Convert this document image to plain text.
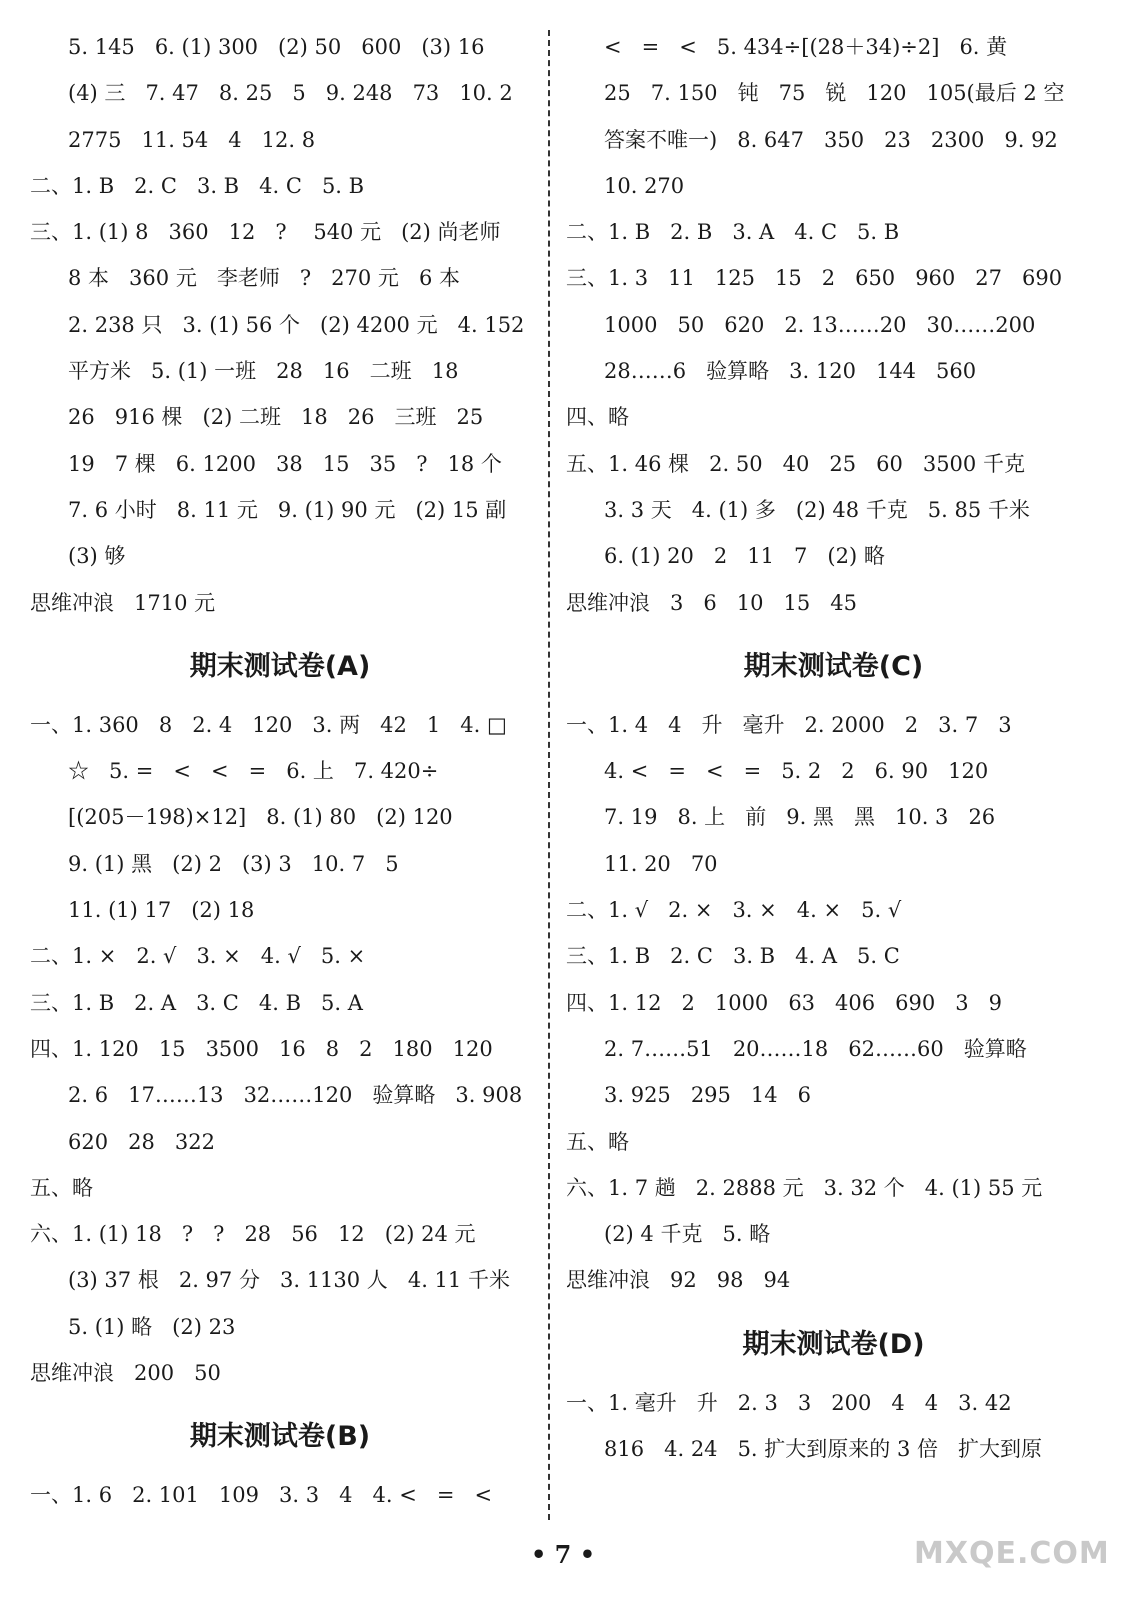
5. 145   6. (1) 300   (2) 50   600   (3) 16
(4) 三   7. 47   8. 25   5   9. 248   73   10. 2
2775   11. 54   4   12. 8
二、1. B   2. C   3. B   4. C   5. B
三、1. (1) 8   360   12   ?    540 元   (2) 尚老师
8 本   360 元   李老师   ?   270 元   6 本
2. 238 只   3. (1) 56 个   (2) 4200 元   4. 152
平方米   5. (1) 一班   28   16   二班   18
26   916 棵   (2) 二班   18   26   三班   25
19   7 棵   6. 1200   38   15   35   ?   18 个
7. 6 小时   8. 11 元   9. (1) 90 元   (2) 15 副
(3) 够
思维冲浪   1710 元
期末测试卷(A)
一、1. 360   8   2. 4   120   3. 两   42   1   4. □
☆   5. =   <   <   =   6. 上   7. 420÷
[(205－198)×12]   8. (1) 80   (2) 120
9. (1) 黑   (2) 2   (3) 3   10. 7   5
11. (1) 17   (2) 18
二、1. ×   2. √   3. ×   4. √   5. ×
三、1. B   2. A   3. C   4. B   5. A
四、1. 120   15   3500   16   8   2   180   120
2. 6   17……13   32……120   验算略   3. 908
620   28   322
五、略
六、1. (1) 18   ?   ?   28   56   12   (2) 24 元
(3) 37 根   2. 97 分   3. 1130 人   4. 11 千米
5. (1) 略   (2) 23
思维冲浪   200   50
期末测试卷(B)
一、1. 6   2. 101   109   3. 3   4   4. <   =   <
<   =   <   5. 434÷[(28＋34)÷2]   6. 黄
25   7. 150   钝   75   锐   120   105(最后 2 空
答案不唯一)   8. 647   350   23   2300   9. 92
10. 270
二、1. B   2. B   3. A   4. C   5. B
三、1. 3   11   125   15   2   650   960   27   690
1000   50   620   2. 13……20   30……200
28……6   验算略   3. 120   144   560
四、略
五、1. 46 棵   2. 50   40   25   60   3500 千克
3. 3 天   4. (1) 多   (2) 48 千克   5. 85 千米
6. (1) 20   2   11   7   (2) 略
思维冲浪   3   6   10   15   45
期末测试卷(C)
一、1. 4   4   升   毫升   2. 2000   2   3. 7   3
4. <   =   <   =   5. 2   2   6. 90   120
7. 19   8. 上   前   9. 黑   黑   10. 3   26
11. 20   70
二、1. √   2. ×   3. ×   4. ×   5. √
三、1. B   2. C   3. B   4. A   5. C
四、1. 12   2   1000   63   406   690   3   9
2. 7……51   20……18   62……60   验算略
3. 925   295   14   6
五、略
六、1. 7 趟   2. 2888 元   3. 32 个   4. (1) 55 元
(2) 4 千克   5. 略
思维冲浪   92   98   94
期末测试卷(D)
一、1. 毫升   升   2. 3   3   200   4   4   3. 42
816   4. 24   5. 扩大到原来的 3 倍   扩大到原
• 7 •	MXQE.COM
